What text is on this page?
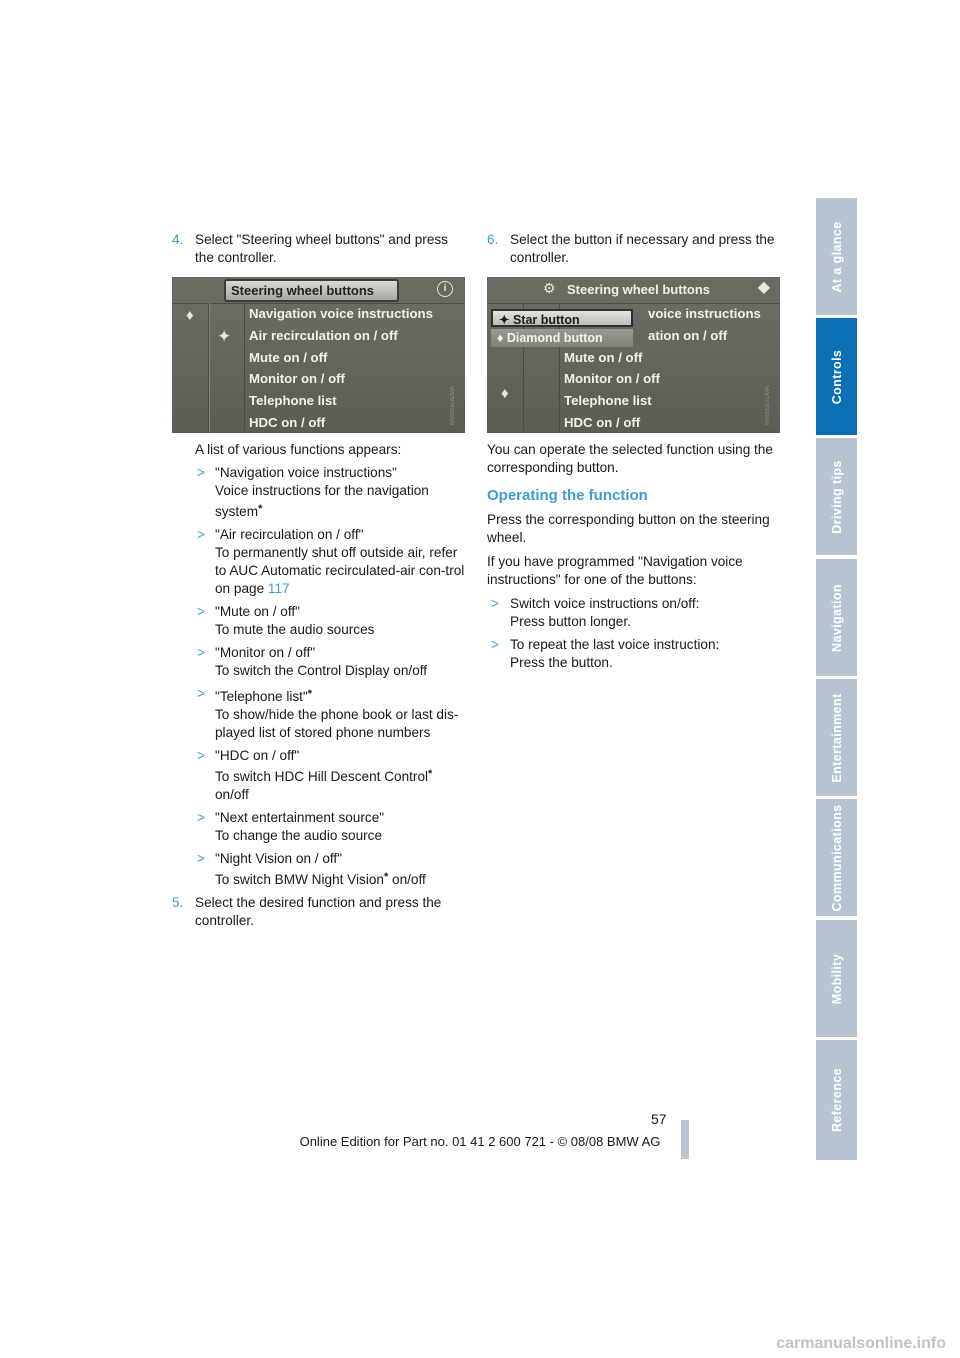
4. Select "Steering wheel buttons" and press the controller.
Steering wheel buttons	i
♦
✦
Navigation voice instructions
Air recirculation on / off
Mute on / off
Monitor on / off
Telephone list
HDC on / off	MV00503CMA
A list of various functions appears:
> "Navigation voice instructions"
Voice instructions for the navigation system*
> "Air recirculation on / off"
To permanently shut off outside air, refer to AUC Automatic recirculated-air con-trol on page 117
> "Mute on / off"
To mute the audio sources
> "Monitor on / off"
To switch the Control Display on/off
> "Telephone list"*
To show/hide the phone book or last dis-played list of stored phone numbers
> "HDC on / off"
To switch HDC Hill Descent Control*
on/off
> "Next entertainment source"
To change the audio source
> "Night Vision on / off"
To switch BMW Night Vision* on/off
5. Select the desired function and press the controller.
6. Select the button if necessary and press the controller.
⚙ Steering wheel buttons	◆
♦
voice instructions
ation on / off
Mute on / off
Monitor on / off
Telephone list
HDC on / off
✦ Star button
♦ Diamond button
MV00517CMA
You can operate the selected function using the corresponding button.
Operating the function
Press the corresponding button on the steering wheel.
If you have programmed "Navigation voice instructions" for one of the buttons:
> Switch voice instructions on/off:
Press button longer.
> To repeat the last voice instruction:
Press the button.
At a glance
Controls
Driving tips
Navigation
Entertainment
Communications
Mobility
Reference
57
Online Edition for Part no. 01 41 2 600 721 - © 08/08 BMW AG
carmanualsonline.info
